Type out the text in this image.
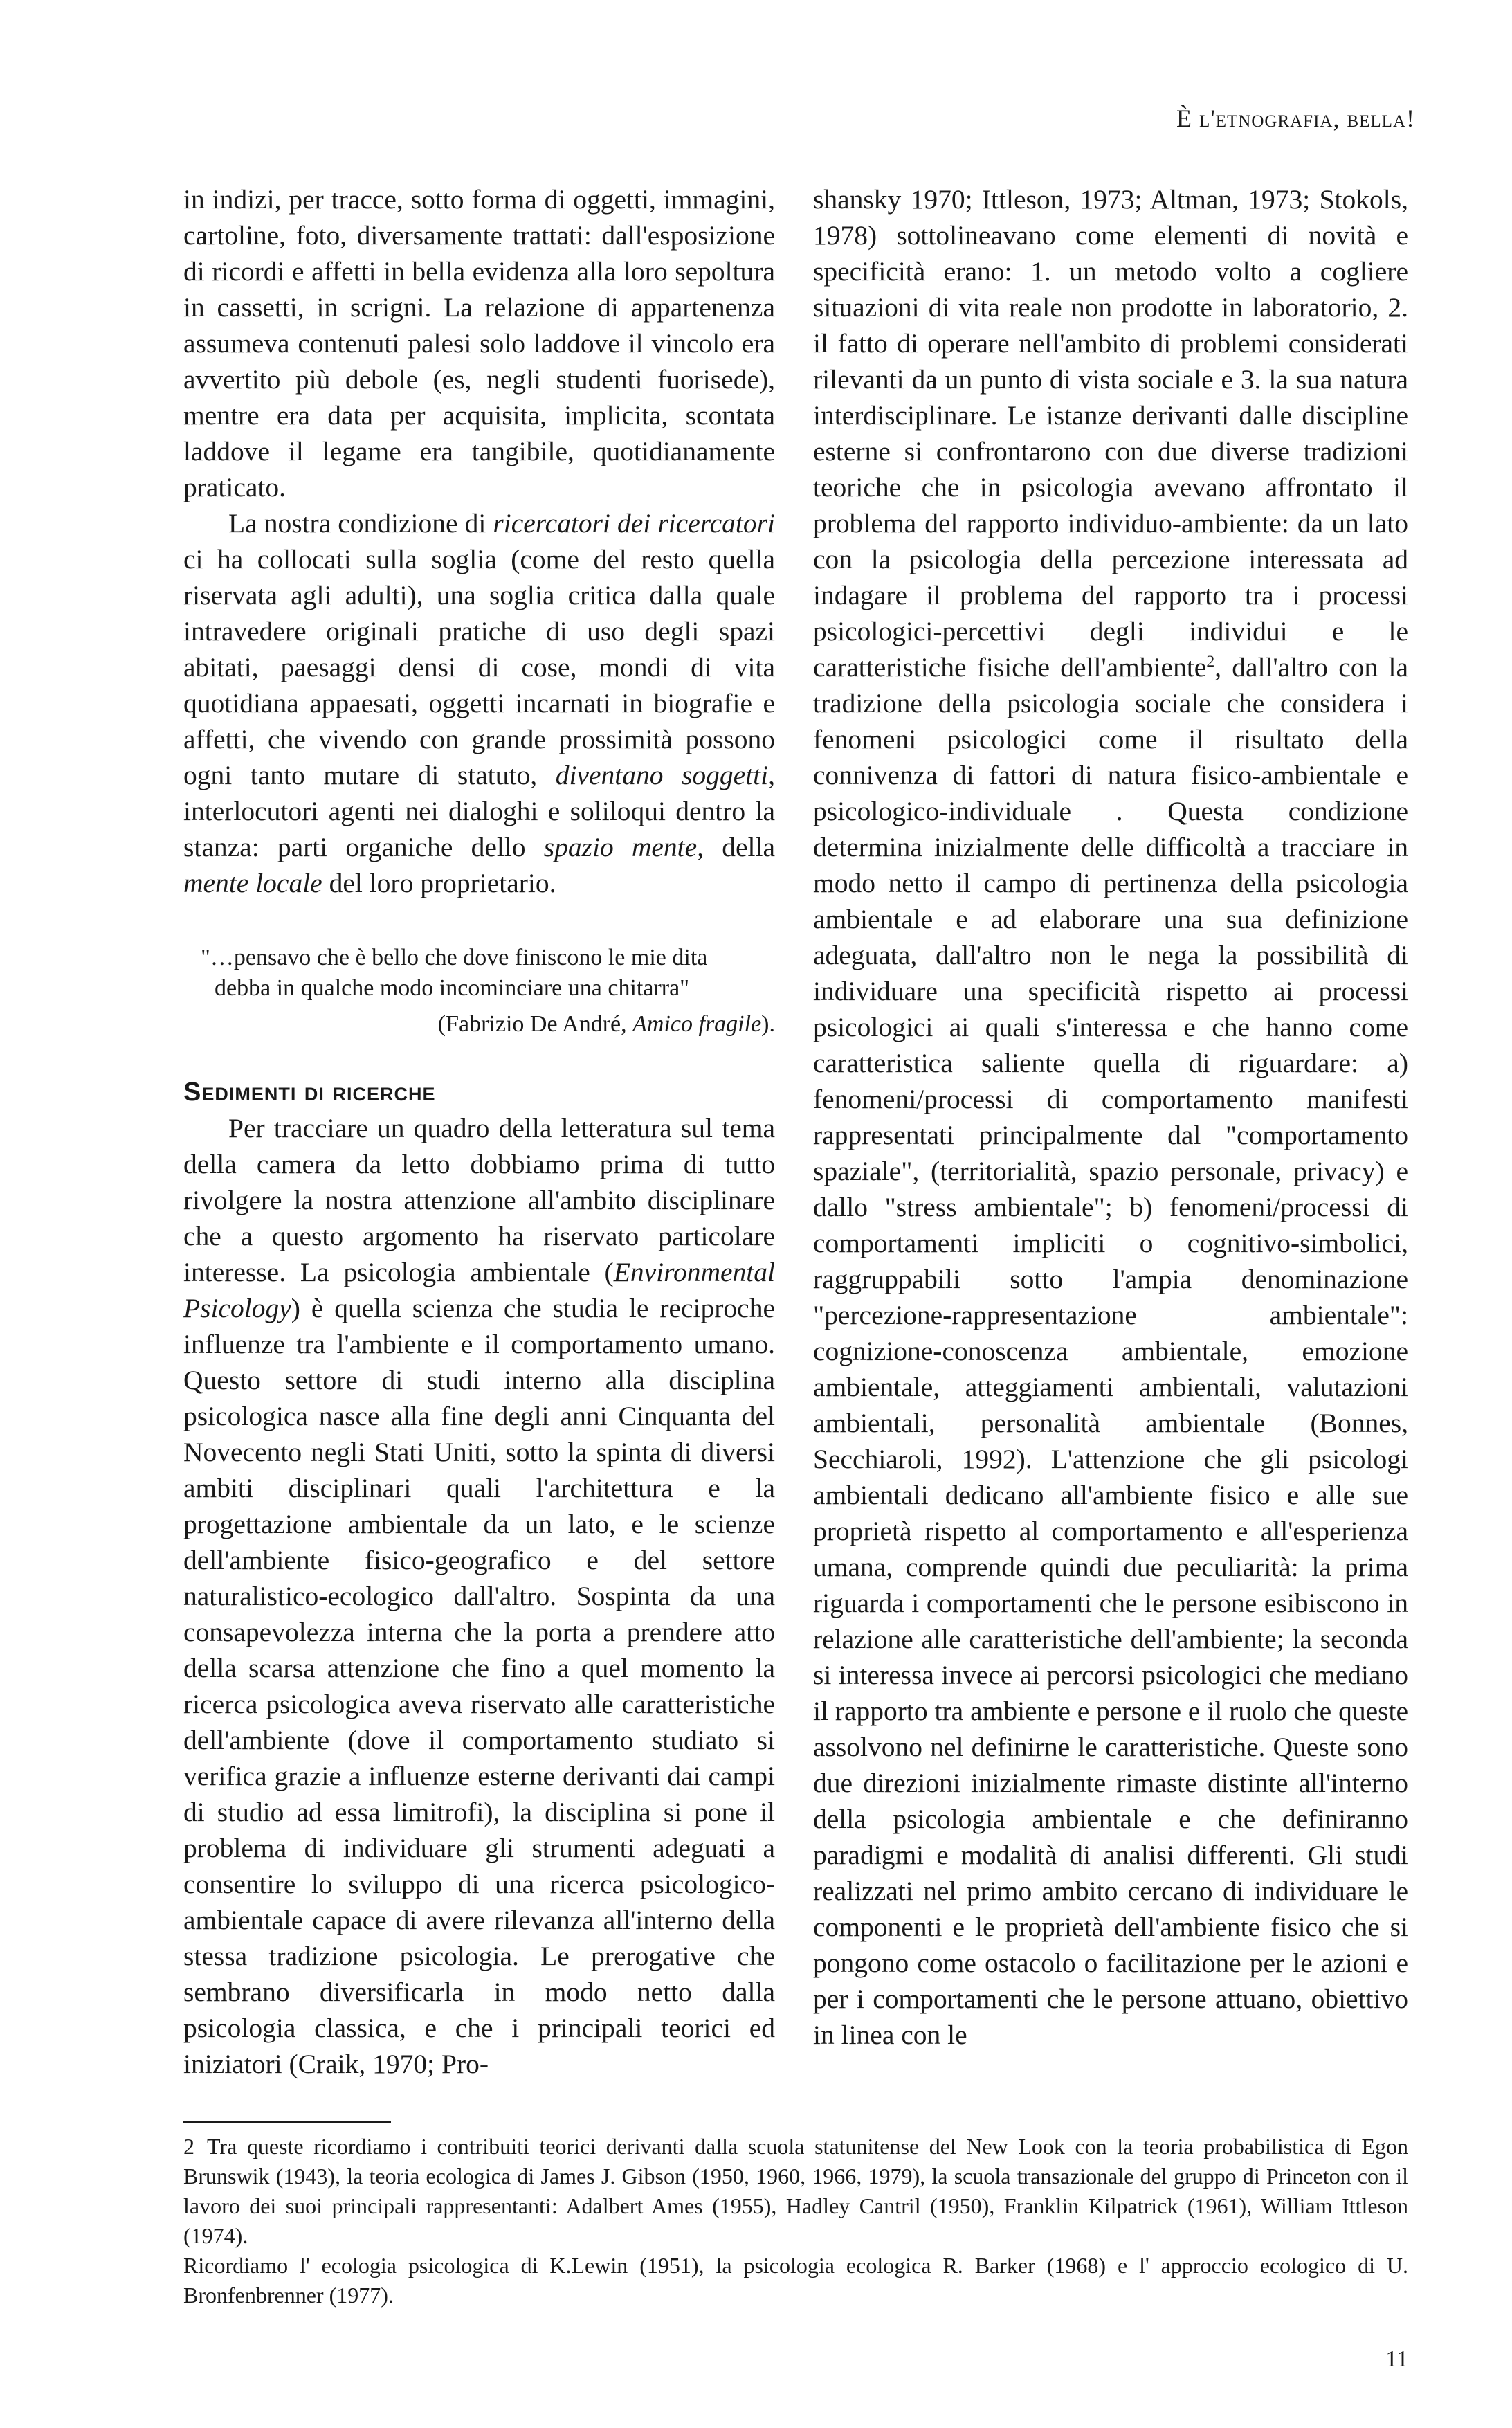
È l'etnografia, bella!

in indizi, per tracce, sotto forma di oggetti, immagini, cartoline, foto, diversamente trattati: dall'esposizione di ricordi e affetti in bella evidenza alla loro sepoltura in cassetti, in scrigni. La relazione di appartenenza assumeva contenuti palesi solo laddove il vincolo era avvertito più debole (es, negli studenti fuorisede), mentre era data per acquisita, implicita, scontata laddove il legame era tangibile, quotidianamente praticato.

La nostra condizione di ricercatori dei ricercatori ci ha collocati sulla soglia (come del resto quella riservata agli adulti), una soglia critica dalla quale intravedere originali pratiche di uso degli spazi abitati, paesaggi densi di cose, mondi di vita quotidiana appaesati, oggetti incarnati in biografie e affetti, che vivendo con grande prossimità possono ogni tanto mutare di statuto, diventano soggetti, interlocutori agenti nei dialoghi e soliloqui dentro la stanza: parti organiche dello spazio mente, della mente locale del loro proprietario.

"…pensavo che è bello che dove finiscono le mie dita
debba in qualche modo incominciare una chitarra"
(Fabrizio De André, Amico fragile).
Sedimenti di ricerche

Per tracciare un quadro della letteratura sul tema della camera da letto dobbiamo prima di tutto rivolgere la nostra attenzione all'ambito disciplinare che a questo argomento ha riservato particolare interesse. La psicologia ambientale (Environmental Psicology) è quella scienza che studia le reciproche influenze tra l'ambiente e il comportamento umano. Questo settore di studi interno alla disciplina psicologica nasce alla fine degli anni Cinquanta del Novecento negli Stati Uniti, sotto la spinta di diversi ambiti disciplinari quali l'architettura e la progettazione ambientale da un lato, e le scienze dell'ambiente fisico-geografico e del settore naturalistico-ecologico dall'altro. Sospinta da una consapevolezza interna che la porta a prendere atto della scarsa attenzione che fino a quel momento la ricerca psicologica aveva riservato alle caratteristiche dell'ambiente (dove il comportamento studiato si verifica grazie a influenze esterne derivanti dai campi di studio ad essa limitrofi), la disciplina si pone il problema di individuare gli strumenti adeguati a consentire lo sviluppo di una ricerca psicologico-ambientale capace di avere rilevanza all'interno della stessa tradizione psicologia. Le prerogative che sembrano diversificarla in modo netto dalla psicologia classica, e che i principali teorici ed iniziatori (Craik, 1970; Pro-

shansky 1970; Ittleson, 1973; Altman, 1973; Stokols, 1978) sottolineavano come elementi di novità e specificità erano: 1. un metodo volto a cogliere situazioni di vita reale non prodotte in laboratorio, 2. il fatto di operare nell'ambito di problemi considerati rilevanti da un punto di vista sociale e 3. la sua natura interdisciplinare. Le istanze derivanti dalle discipline esterne si confrontarono con due diverse tradizioni teoriche che in psicologia avevano affrontato il problema del rapporto individuo-ambiente: da un lato con la psicologia della percezione interessata ad indagare il problema del rapporto tra i processi psicologici-percettivi degli individui e le caratteristiche fisiche dell'ambiente$^2$, dall'altro con la tradizione della psicologia sociale che considera i fenomeni psicologici come il risultato della connivenza di fattori di natura fisico-ambientale e psicologico-individuale . Questa condizione determina inizialmente delle difficoltà a tracciare in modo netto il campo di pertinenza della psicologia ambientale e ad elaborare una sua definizione adeguata, dall'altro non le nega la possibilità di individuare una specificità rispetto ai processi psicologici ai quali s'interessa e che hanno come caratteristica saliente quella di riguardare: a) fenomeni/processi di comportamento manifesti rappresentati principalmente dal "comportamento spaziale", (territorialità, spazio personale, privacy) e dallo "stress ambientale"; b) fenomeni/processi di comportamenti impliciti o cognitivo-simbolici, raggruppabili sotto l'ampia denominazione "percezione-rappresentazione ambientale": cognizione-conoscenza ambientale, emozione ambientale, atteggiamenti ambientali, valutazioni ambientali, personalità ambientale (Bonnes, Secchiaroli, 1992). L'attenzione che gli psicologi ambientali dedicano all'ambiente fisico e alle sue proprietà rispetto al comportamento e all'esperienza umana, comprende quindi due peculiarità: la prima riguarda i comportamenti che le persone esibiscono in relazione alle caratteristiche dell'ambiente; la seconda si interessa invece ai percorsi psicologici che mediano il rapporto tra ambiente e persone e il ruolo che queste assolvono nel definirne le caratteristiche. Queste sono due direzioni inizialmente rimaste distinte all'interno della psicologia ambientale e che definiranno paradigmi e modalità di analisi differenti. Gli studi realizzati nel primo ambito cercano di individuare le componenti e le proprietà dell'ambiente fisico che si pongono come ostacolo o facilitazione per le azioni e per i comportamenti che le persone attuano, obiettivo in linea con le

2 Tra queste ricordiamo i contribuiti teorici derivanti dalla scuola statunitense del New Look con la teoria probabilistica di Egon Brunswik (1943), la teoria ecologica di James J. Gibson (1950, 1960, 1966, 1979), la scuola transazionale del gruppo di Princeton con il lavoro dei suoi principali rappresentanti: Adalbert Ames (1955), Hadley Cantril (1950), Franklin Kilpatrick (1961), William Ittleson (1974).

Ricordiamo l' ecologia psicologica di K.Lewin (1951), la psicologia ecologica R. Barker (1968) e l' approccio ecologico di U. Bronfenbrenner (1977).

11
